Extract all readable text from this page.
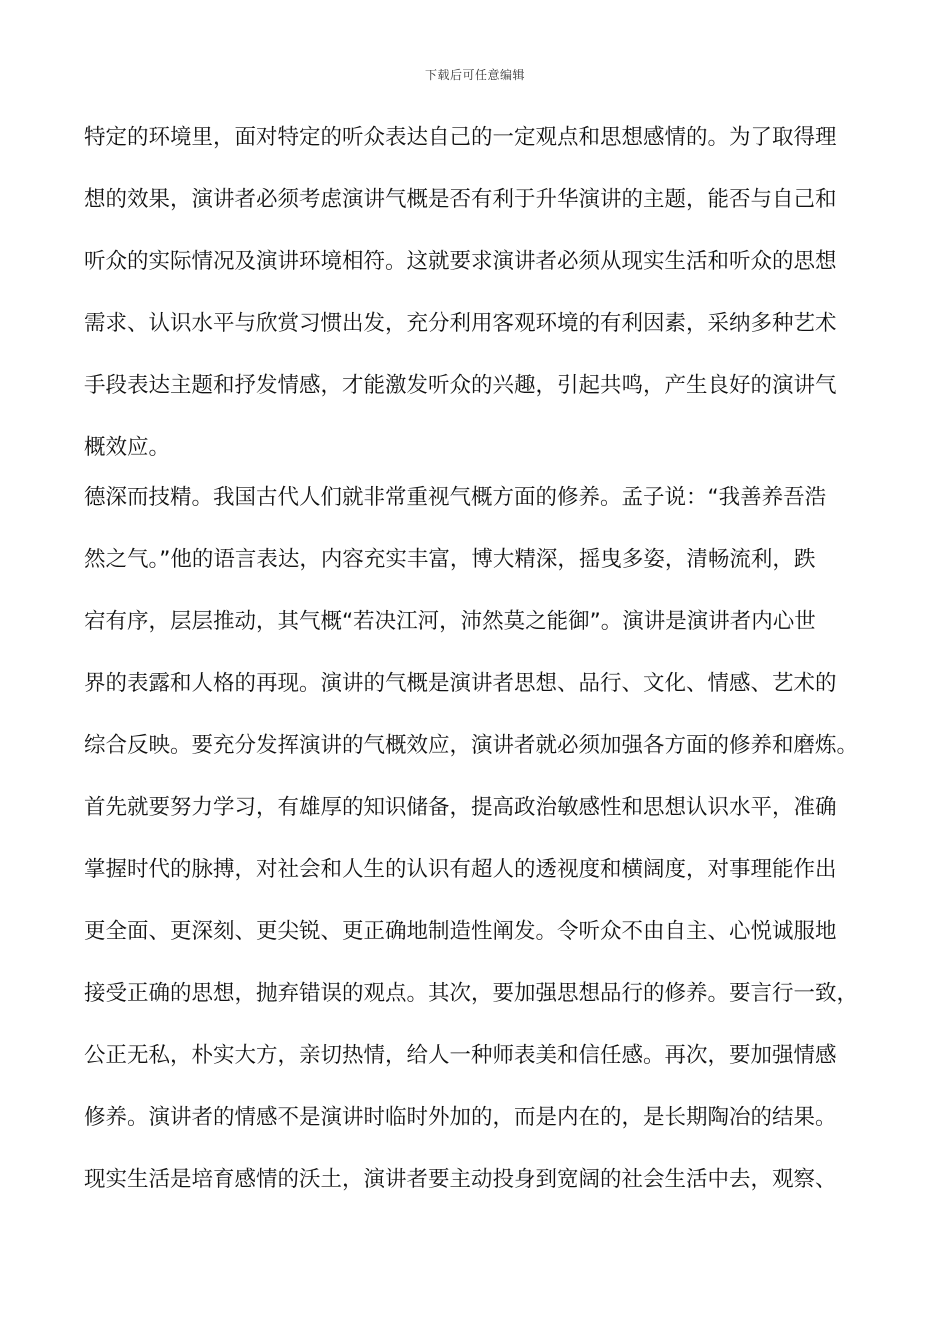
下载后可任意编辑
特定的环境里，面对特定的听众表达自己的一定观点和思想感情的。为了取得理
想的效果，演讲者必须考虑演讲气概是否有利于升华演讲的主题，能否与自己和
听众的实际情况及演讲环境相符。这就要求演讲者必须从现实生活和听众的思想
需求、认识水平与欣赏习惯出发，充分利用客观环境的有利因素，采纳多种艺术
手段表达主题和抒发情感，才能激发听众的兴趣，引起共鸣，产生良好的演讲气
概效应。
德深而技精。我国古代人们就非常重视气概方面的修养。孟子说：“我善养吾浩
然之气。”他的语言表达，内容充实丰富，博大精深，摇曳多姿，清畅流利，跌
宕有序，层层推动，其气概“若决江河，沛然莫之能御”。演讲是演讲者内心世
界的表露和人格的再现。演讲的气概是演讲者思想、品行、文化、情感、艺术的
综合反映。要充分发挥演讲的气概效应，演讲者就必须加强各方面的修养和磨炼。
首先就要努力学习，有雄厚的知识储备，提高政治敏感性和思想认识水平，准确
掌握时代的脉搏，对社会和人生的认识有超人的透视度和横阔度，对事理能作出
更全面、更深刻、更尖锐、更正确地制造性阐发。令听众不由自主、心悦诚服地
接受正确的思想，抛弃错误的观点。其次，要加强思想品行的修养。要言行一致，
公正无私，朴实大方，亲切热情，给人一种师表美和信任感。再次，要加强情感
修养。演讲者的情感不是演讲时临时外加的，而是内在的，是长期陶冶的结果。
现实生活是培育感情的沃土，演讲者要主动投身到宽阔的社会生活中去，观察、
